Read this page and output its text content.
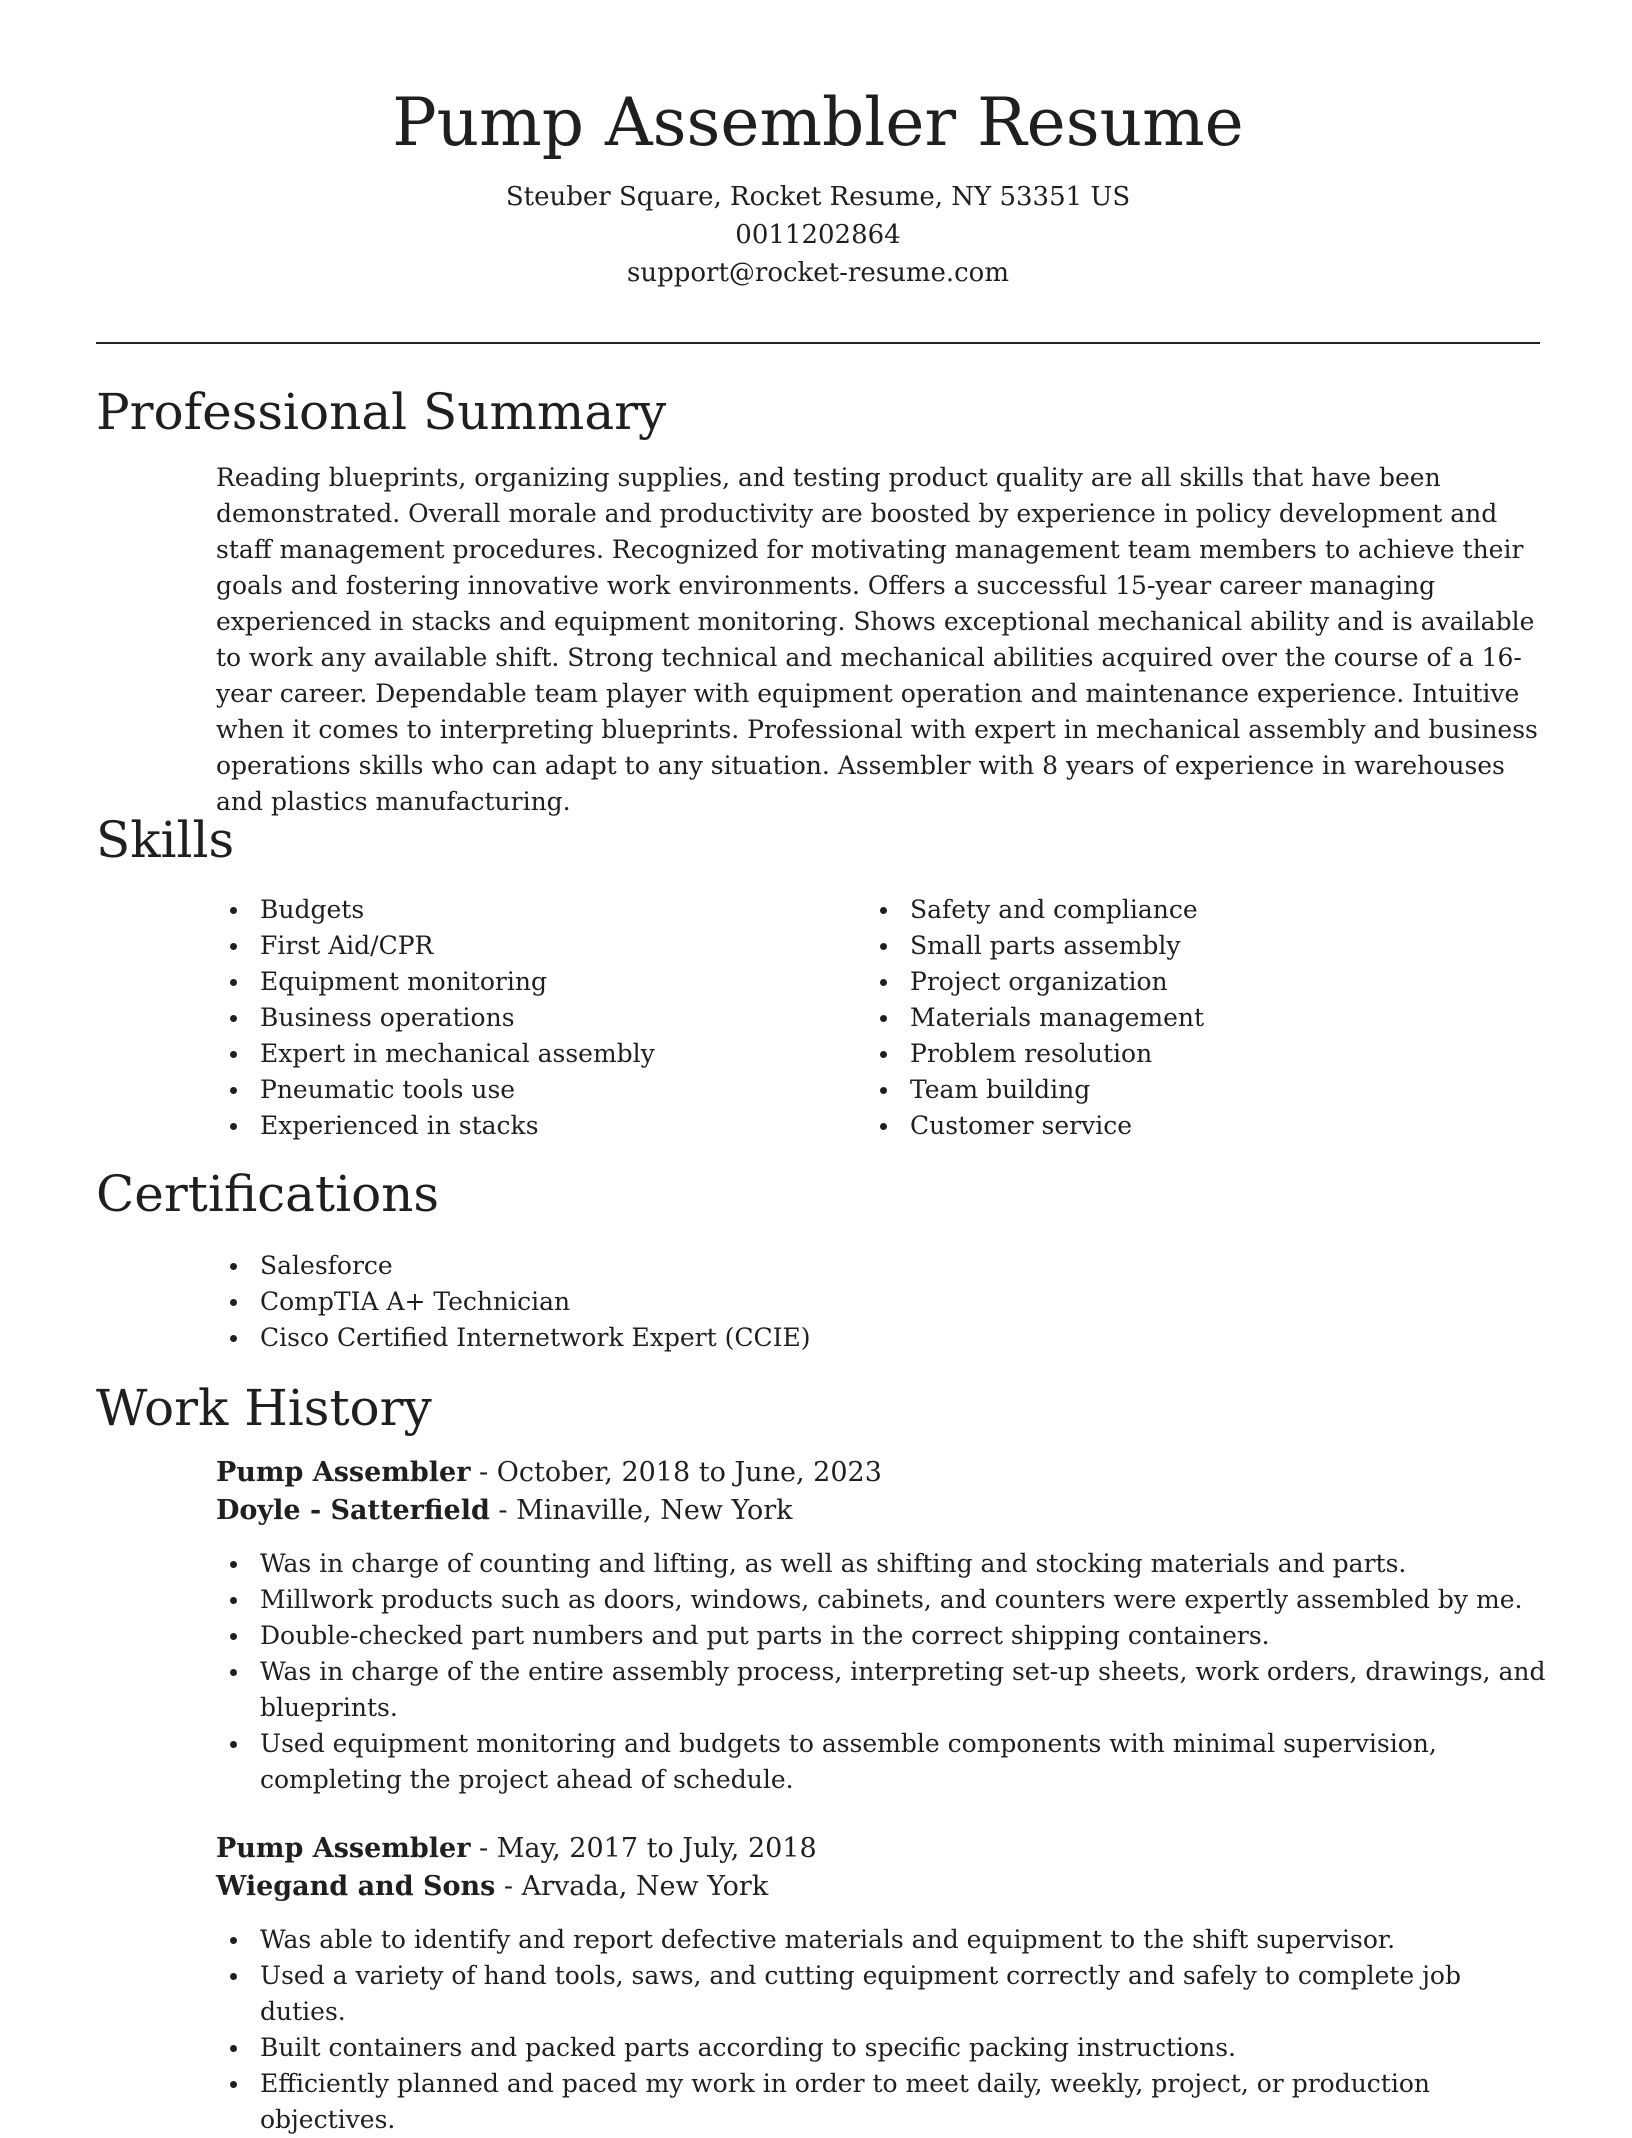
Pump Assembler Resume
Steuber Square, Rocket Resume, NY 53351 US
0011202864
support@rocket-resume.com
Professional Summary

Reading blueprints, organizing supplies, and testing product quality are all skills that have been demonstrated. Overall morale and productivity are boosted by experience in policy development and staff management procedures. Recognized for motivating management team members to achieve their goals and fostering innovative work environments. Offers a successful 15-year career managing experienced in stacks and equipment monitoring. Shows exceptional mechanical ability and is available to work any available shift. Strong technical and mechanical abilities acquired over the course of a 16-year career. Dependable team player with equipment operation and maintenance experience. Intuitive when it comes to interpreting blueprints. Professional with expert in mechanical assembly and business operations skills who can adapt to any situation. Assembler with 8 years of experience in warehouses and plastics manufacturing.

Skills
Budgets
First Aid/CPR
Equipment monitoring
Business operations
Expert in mechanical assembly
Pneumatic tools use
Experienced in stacks
Safety and compliance
Small parts assembly
Project organization
Materials management
Problem resolution
Team building
Customer service
Certifications
Salesforce
CompTIA A+ Technician
Cisco Certified Internetwork Expert (CCIE)
Work History
Pump Assembler - October, 2018 to June, 2023
Doyle - Satterfield - Minaville, New York
Was in charge of counting and lifting, as well as shifting and stocking materials and parts.
Millwork products such as doors, windows, cabinets, and counters were expertly assembled by me.
Double-checked part numbers and put parts in the correct shipping containers.
Was in charge of the entire assembly process, interpreting set-up sheets, work orders, drawings, and blueprints.
Used equipment monitoring and budgets to assemble components with minimal supervision, completing the project ahead of schedule.
Pump Assembler - May, 2017 to July, 2018
Wiegand and Sons - Arvada, New York
Was able to identify and report defective materials and equipment to the shift supervisor.
Used a variety of hand tools, saws, and cutting equipment correctly and safely to complete job duties.
Built containers and packed parts according to specific packing instructions.
Efficiently planned and paced my work in order to meet daily, weekly, project, or production objectives.
